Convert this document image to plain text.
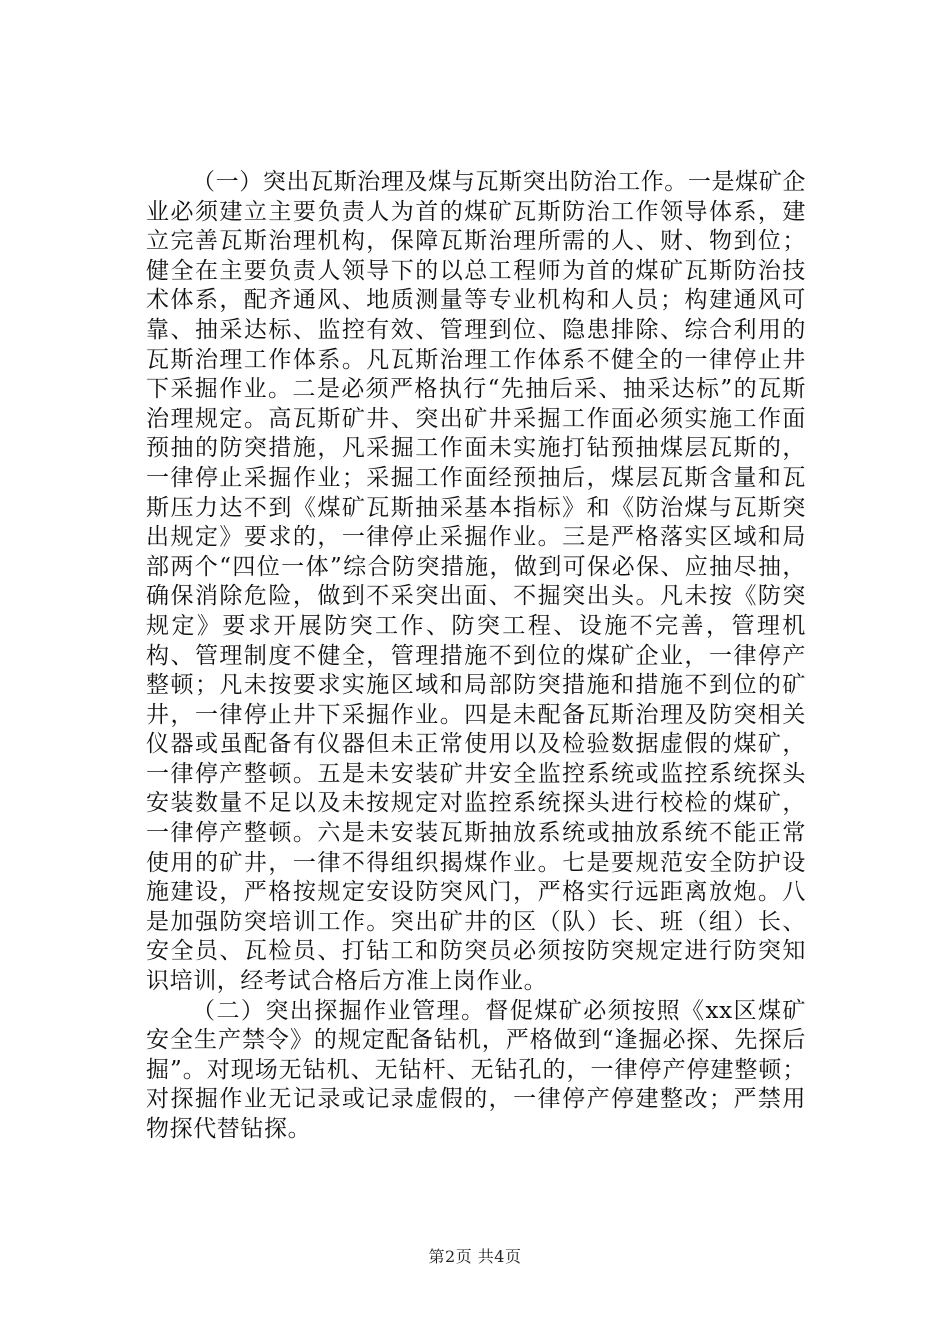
（一）突出瓦斯治理及煤与瓦斯突出防治工作。一是煤矿企业必须建立主要负责人为首的煤矿瓦斯防治工作领导体系，建立完善瓦斯治理机构，保障瓦斯治理所需的人、财、物到位；健全在主要负责人领导下的以总工程师为首的煤矿瓦斯防治技术体系，配齐通风、地质测量等专业机构和人员；构建通风可靠、抽采达标、监控有效、管理到位、隐患排除、综合利用的瓦斯治理工作体系。凡瓦斯治理工作体系不健全的一律停止井下采掘作业。二是必须严格执行“先抽后采、抽采达标”的瓦斯治理规定。高瓦斯矿井、突出矿井采掘工作面必须实施工作面预抽的防突措施，凡采掘工作面未实施打钻预抽煤层瓦斯的，一律停止采掘作业；采掘工作面经预抽后，煤层瓦斯含量和瓦斯压力达不到《煤矿瓦斯抽采基本指标》和《防治煤与瓦斯突出规定》要求的，一律停止采掘作业。三是严格落实区域和局部两个“四位一体”综合防突措施，做到可保必保、应抽尽抽，确保消除危险，做到不采突出面、不掘突出头。凡未按《防突规定》要求开展防突工作、防突工程、设施不完善，管理机构、管理制度不健全，管理措施不到位的煤矿企业，一律停产整顿；凡未按要求实施区域和局部防突措施和措施不到位的矿井，一律停止井下采掘作业。四是未配备瓦斯治理及防突相关仪器或虽配备有仪器但未正常使用以及检验数据虚假的煤矿，一律停产整顿。五是未安装矿井安全监控系统或监控系统探头安装数量不足以及未按规定对监控系统探头进行校检的煤矿，一律停产整顿。六是未安装瓦斯抽放系统或抽放系统不能正常使用的矿井，一律不得组织揭煤作业。七是要规范安全防护设施建设，严格按规定安设防突风门，严格实行远距离放炮。八是加强防突培训工作。突出矿井的区（队）长、班（组）长、安全员、瓦检员、打钻工和防突员必须按防突规定进行防突知识培训，经考试合格后方准上岗作业。

（二）突出探掘作业管理。督促煤矿必须按照《xx区煤矿安全生产禁令》的规定配备钻机，严格做到“逢掘必探、先探后掘”。对现场无钻机、无钻杆、无钻孔的，一律停产停建整顿；对探掘作业无记录或记录虚假的，一律停产停建整改；严禁用物探代替钻探。

第2页 共4页
